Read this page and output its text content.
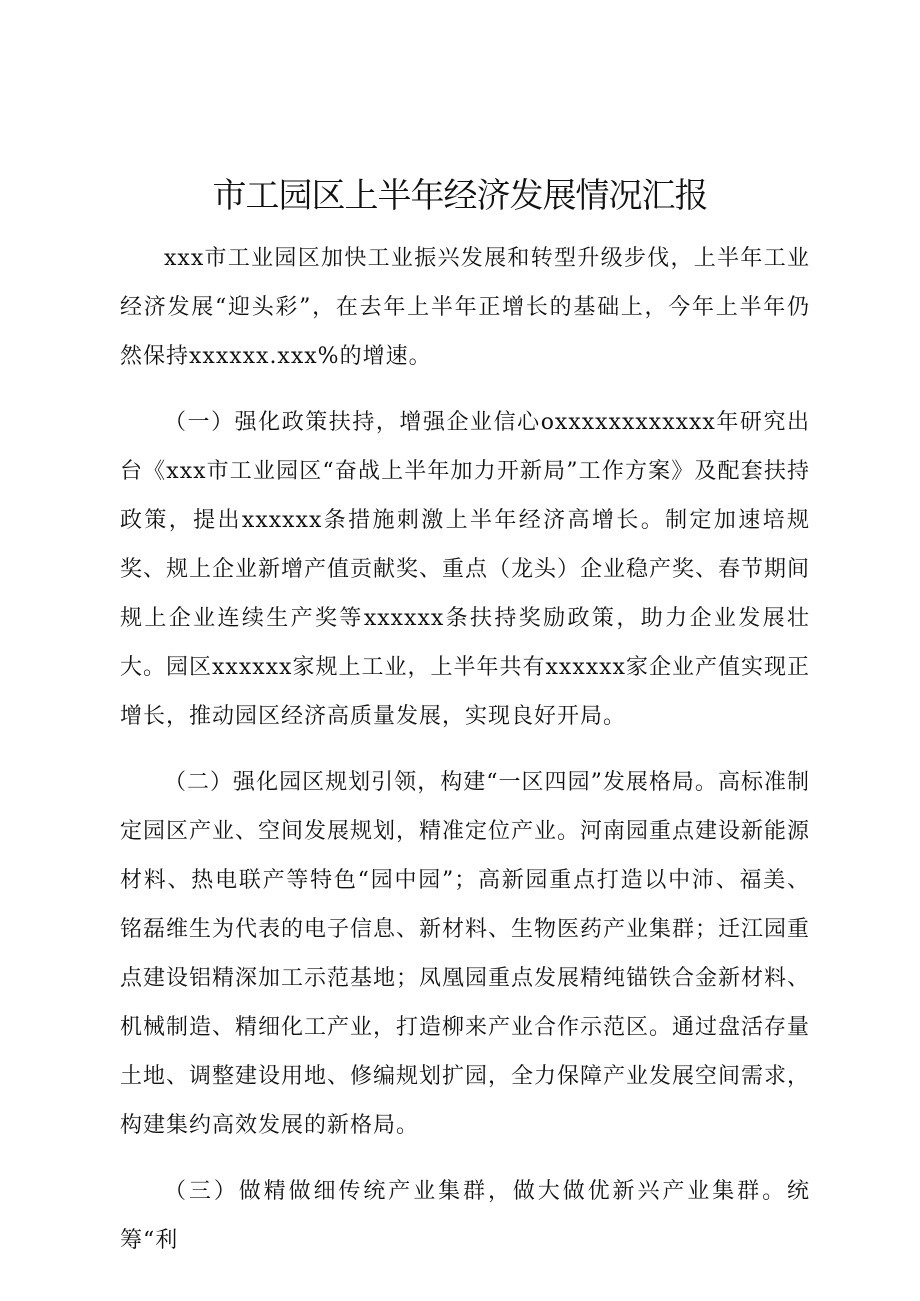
市工园区上半年经济发展情况汇报

xxx市工业园区加快工业振兴发展和转型升级步伐，上半年工业经济发展“迎头彩”，在去年上半年正增长的基础上，今年上半年仍然保持xxxxxx.xxx%的增速。

（一）强化政策扶持，增强企业信心oxxxxxxxxxxxx年研究出台《xxx市工业园区“奋战上半年加力开新局”工作方案》及配套扶持政策，提出xxxxxx条措施刺激上半年经济高增长。制定加速培规奖、规上企业新增产值贡献奖、重点（龙头）企业稳产奖、春节期间规上企业连续生产奖等xxxxxx条扶持奖励政策，助力企业发展壮大。园区xxxxxx家规上工业，上半年共有xxxxxx家企业产值实现正增长，推动园区经济高质量发展，实现良好开局。

（二）强化园区规划引领，构建“一区四园”发展格局。高标准制定园区产业、空间发展规划，精准定位产业。河南园重点建设新能源材料、热电联产等特色“园中园”；高新园重点打造以中沛、福美、铭磊维生为代表的电子信息、新材料、生物医药产业集群；迁江园重点建设铝精深加工示范基地；凤凰园重点发展精纯锚铁合金新材料、机械制造、精细化工产业，打造柳来产业合作示范区。通过盘活存量土地、调整建设用地、修编规划扩园，全力保障产业发展空间需求，构建集约高效发展的新格局。

（三）做精做细传统产业集群，做大做优新兴产业集群。统筹“利
